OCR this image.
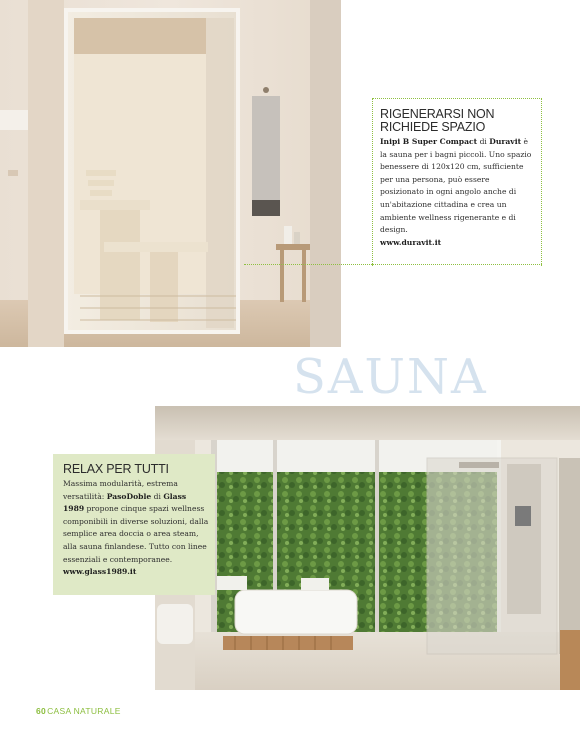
RIGENERARSI NON RICHIEDE SPAZIO
Inipi B Super Compact di Duravit è la sauna per i bagni piccoli. Uno spazio benessere di 120x120 cm, sufficiente per una persona, può essere posizionato in ogni angolo anche di un'abitazione cittadina e crea un ambiente wellness rigenerante e di design.
www.duravit.it
SAUNA
RELAX PER TUTTI
Massima modularità, estrema versatilità: PasoDoble di Glass 1989 propone cinque spazi wellness componibili in diverse soluzioni, dalla semplice area doccia o area steam, alla sauna finlandese. Tutto con linee essenziali e contemporanee.
www.glass1989.it
60CASA NATURALE
